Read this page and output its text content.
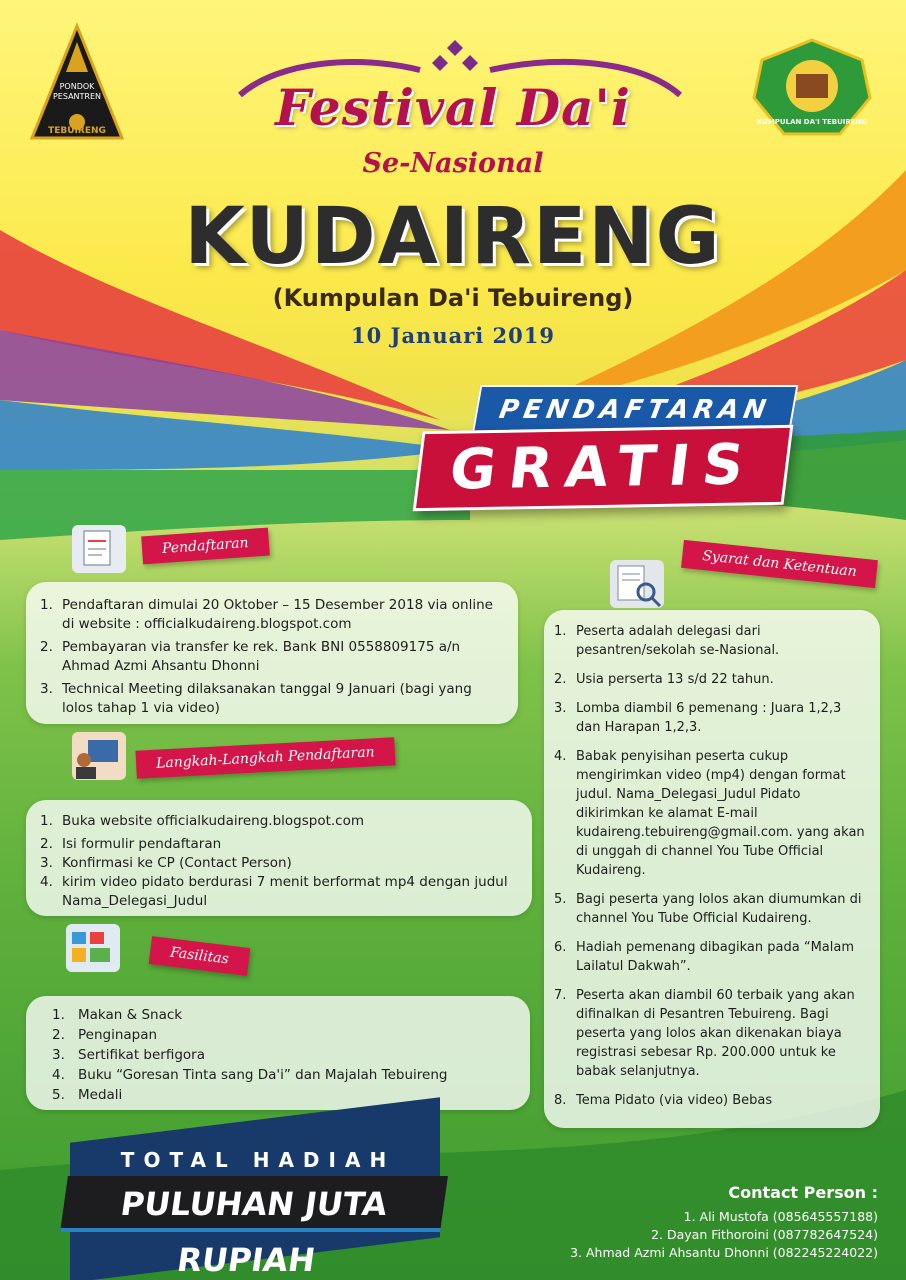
PONDOK
PESANTREN
TEBUIRENG
KUMPULAN DA'I TEBUIRENG
Festival Da'i
Se-Nasional
KUDAIRENG
(Kumpulan Da'i Tebuireng)
10 Januari 2019
PENDAFTARAN
GRATIS
Pendaftaran
1. Pendaftaran dimulai 20 Oktober – 15 Desember 2018 via online di website : officialkudaireng.blogspot.com
2. Pembayaran via transfer ke rek. Bank BNI 0558809175 a/n Ahmad Azmi Ahsantu Dhonni
3. Technical Meeting dilaksanakan tanggal 9 Januari (bagi yang lolos tahap 1 via video)
Langkah-Langkah Pendaftaran
1. Buka website officialkudaireng.blogspot.com
2. Isi formulir pendaftaran
3. Konfirmasi ke CP (Contact Person)
4. kirim video pidato berdurasi 7 menit berformat mp4 dengan judul Nama_Delegasi_Judul
Fasilitas
1. Makan & Snack
2. Penginapan
3. Sertifikat berfigora
4. Buku “Goresan Tinta sang Da'i” dan Majalah Tebuireng
5. Medali
Syarat dan Ketentuan
1. Peserta adalah delegasi dari pesantren/sekolah se-Nasional.
2. Usia perserta 13 s/d 22 tahun.
3. Lomba diambil 6 pemenang : Juara 1,2,3 dan Harapan 1,2,3.
4. Babak penyisihan peserta cukup mengirimkan video (mp4) dengan format judul. Nama_Delegasi_Judul Pidato dikirimkan ke alamat E-mail kudaireng.tebuireng@gmail.com. yang akan di unggah di channel You Tube Official Kudaireng.
5. Bagi peserta yang lolos akan diumumkan di channel You Tube Official Kudaireng.
6. Hadiah pemenang dibagikan pada “Malam Lailatul Dakwah”.
7. Peserta akan diambil 60 terbaik yang akan difinalkan di Pesantren Tebuireng. Bagi peserta yang lolos akan dikenakan biaya registrasi sebesar Rp. 200.000 untuk ke babak selanjutnya.
8. Tema Pidato (via video) Bebas
TOTAL HADIAH
PULUHAN JUTA RUPIAH
Contact Person :
1. Ali Mustofa (085645557188)
2. Dayan Fithoroini (087782647524)
3. Ahmad Azmi Ahsantu Dhonni (082245224022)
